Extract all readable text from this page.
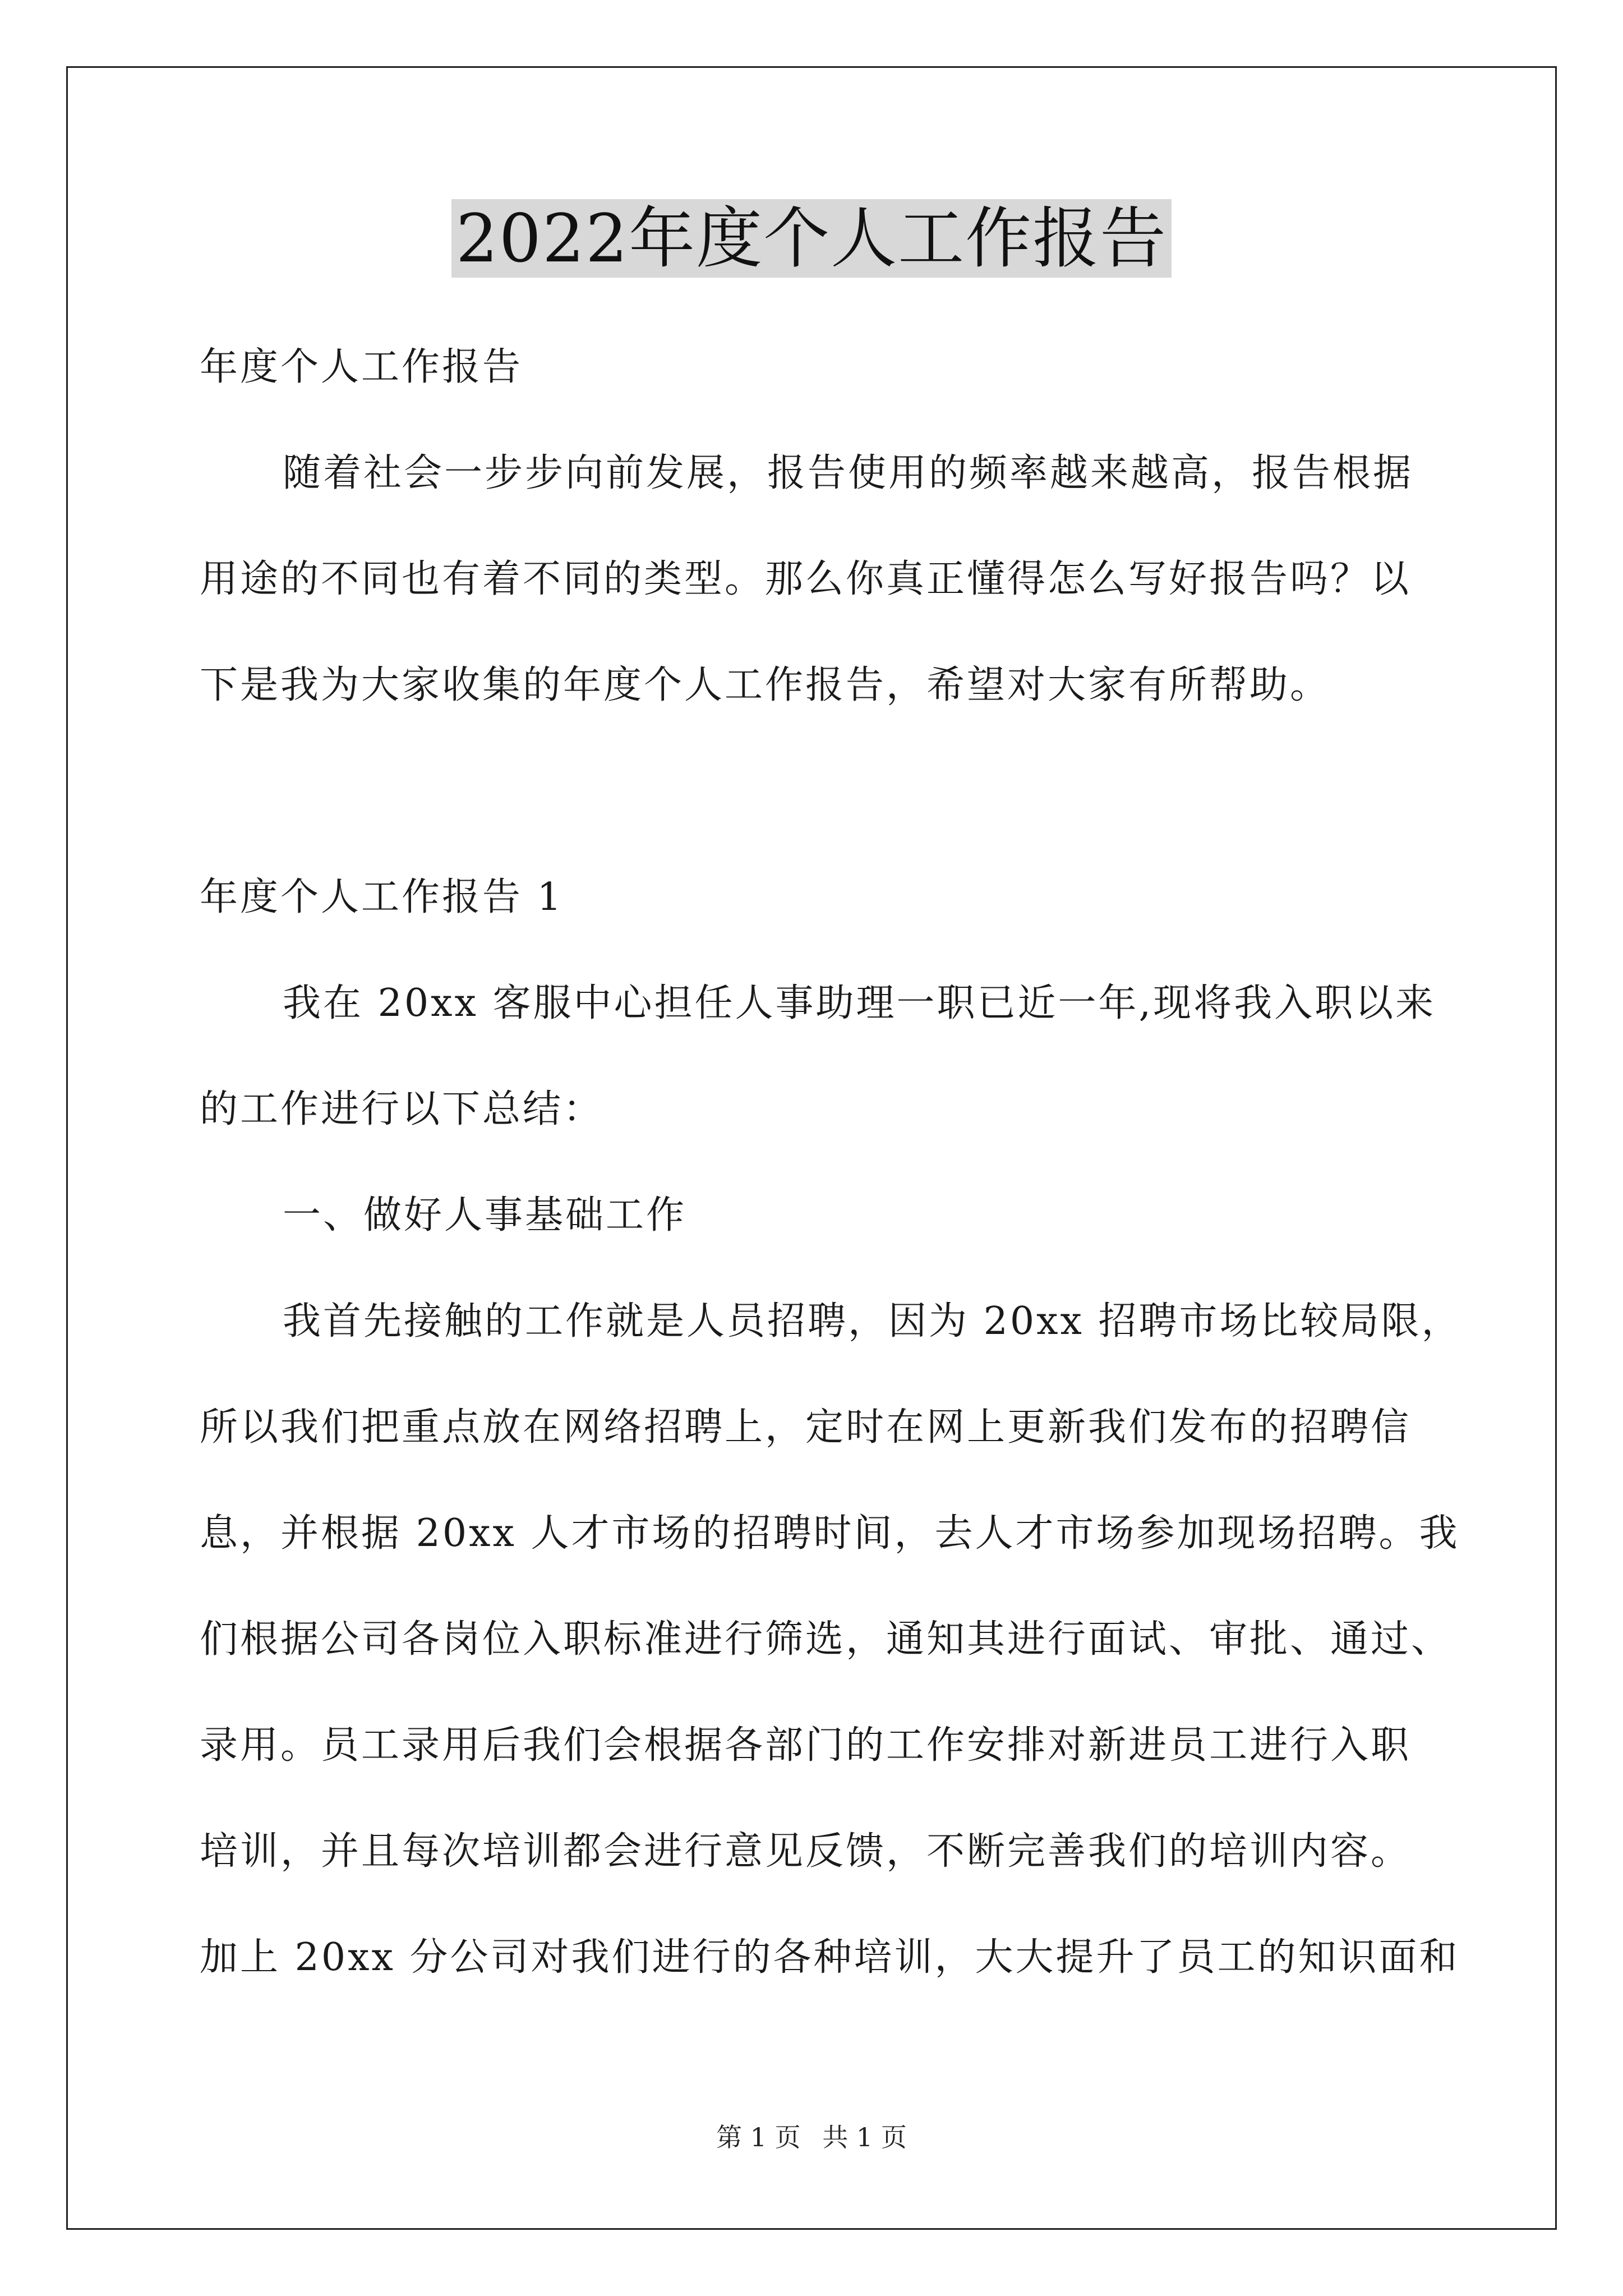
2022年度个人工作报告
年度个人工作报告
随着社会一步步向前发展，报告使用的频率越来越高，报告根据
用途的不同也有着不同的类型。那么你真正懂得怎么写好报告吗？以
下是我为大家收集的年度个人工作报告，希望对大家有所帮助。
年度个人工作报告 1
我在 20xx 客服中心担任人事助理一职已近一年,现将我入职以来
的工作进行以下总结：
一、做好人事基础工作
我首先接触的工作就是人员招聘，因为 20xx 招聘市场比较局限，
所以我们把重点放在网络招聘上，定时在网上更新我们发布的招聘信
息，并根据 20xx 人才市场的招聘时间，去人才市场参加现场招聘。我
们根据公司各岗位入职标准进行筛选，通知其进行面试、审批、通过、
录用。员工录用后我们会根据各部门的工作安排对新进员工进行入职
培训，并且每次培训都会进行意见反馈，不断完善我们的培训内容。
加上 20xx 分公司对我们进行的各种培训，大大提升了员工的知识面和
第 1 页 共 1 页
